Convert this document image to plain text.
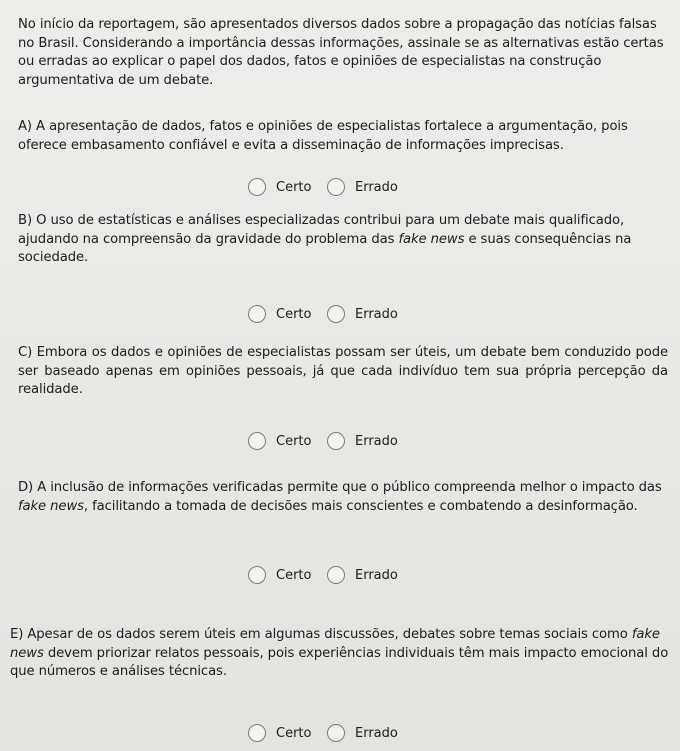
No início da reportagem, são apresentados diversos dados sobre a propagação das notícias falsas no Brasil. Considerando a importância dessas informações, assinale se as alternativas estão certas ou erradas ao explicar o papel dos dados, fatos e opiniões de especialistas na construção argumentativa de um debate.
A) A apresentação de dados, fatos e opiniões de especialistas fortalece a argumentação, pois oferece embasamento confiável e evita a disseminação de informações imprecisas.
Certo	Errado
B) O uso de estatísticas e análises especializadas contribui para um debate mais qualificado, ajudando na compreensão da gravidade do problema das fake news e suas consequências na sociedade.
Certo	Errado
C) Embora os dados e opiniões de especialistas possam ser úteis, um debate bem conduzido pode ser baseado apenas em opiniões pessoais, já que cada indivíduo tem sua própria percepção da realidade.
Certo	Errado
D) A inclusão de informações verificadas permite que o público compreenda melhor o impacto das fake news, facilitando a tomada de decisões mais conscientes e combatendo a desinformação.
Certo	Errado
E) Apesar de os dados serem úteis em algumas discussões, debates sobre temas sociais como fake news devem priorizar relatos pessoais, pois experiências individuais têm mais impacto emocional do que números e análises técnicas.
Certo	Errado
